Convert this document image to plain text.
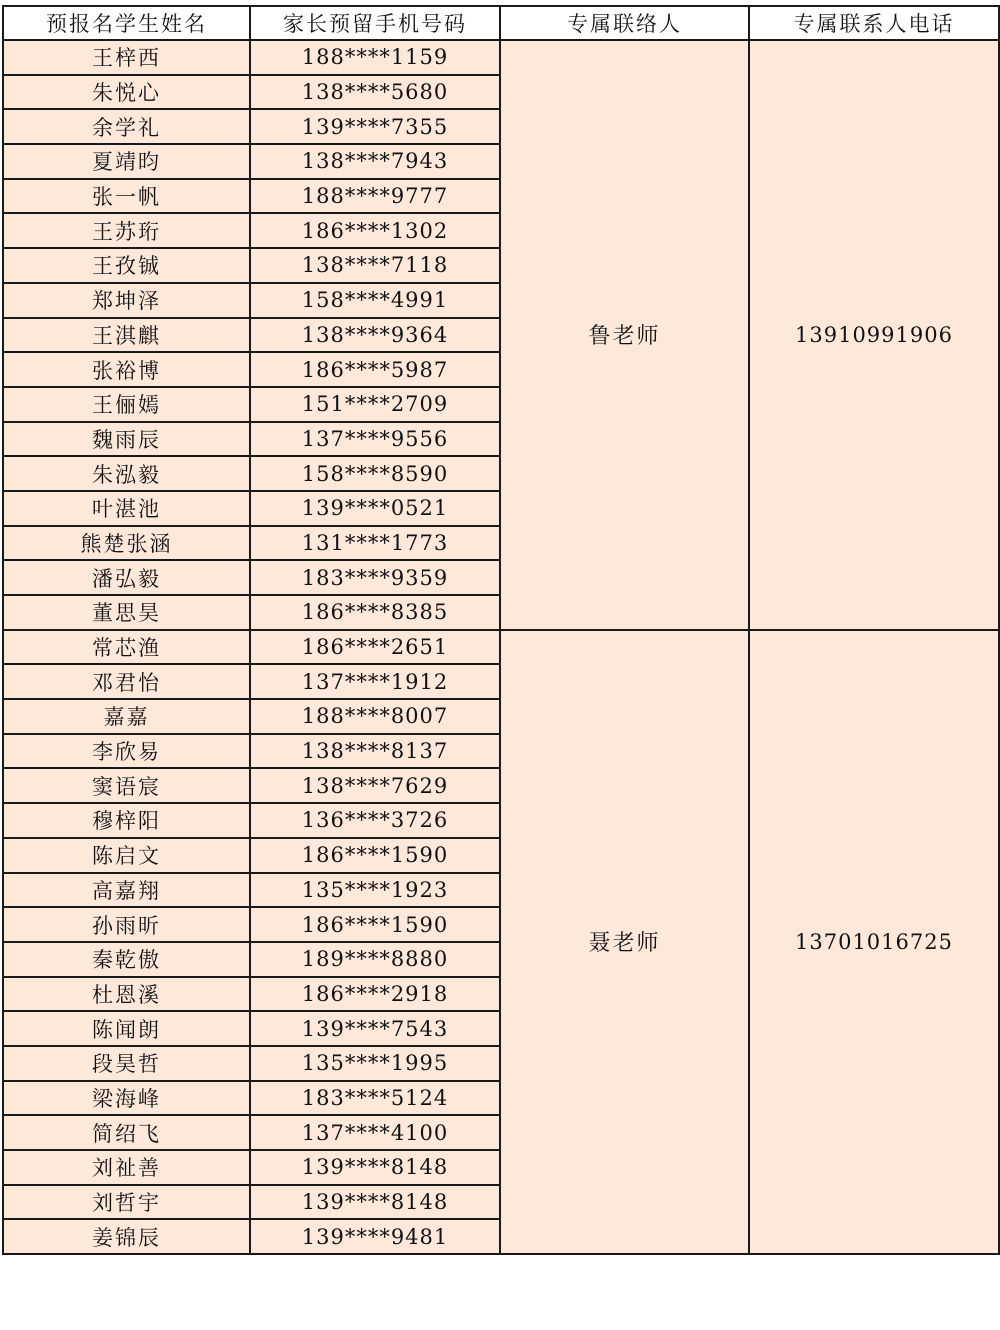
预报名学生姓名	家长预留手机号码	专属联络人	专属联系人电话
王梓西	188****1159	鲁老师	13910991906
朱悦心	138****5680		
余学礼	139****7355		
夏靖昀	138****7943		
张一帆	188****9777		
王苏珩	186****1302		
王孜铖	138****7118		
郑坤泽	158****4991		
王淇麒	138****9364		
张裕博	186****5987		
王俪嫣	151****2709		
魏雨辰	137****9556		
朱泓毅	158****8590		
叶湛池	139****0521		
熊楚张涵	131****1773		
潘弘毅	183****9359		
董思昊	186****8385		
常芯渔	186****2651	聂老师	13701016725
邓君怡	137****1912		
嘉嘉	188****8007		
李欣易	138****8137		
窦语宸	138****7629		
穆梓阳	136****3726		
陈启文	186****1590		
高嘉翔	135****1923		
孙雨昕	186****1590		
秦乾傲	189****8880		
杜恩溪	186****2918		
陈闻朗	139****7543		
段昊哲	135****1995		
梁海峰	183****5124		
简绍飞	137****4100		
刘祉善	139****8148		
刘哲宇	139****8148		
姜锦辰	139****9481		
